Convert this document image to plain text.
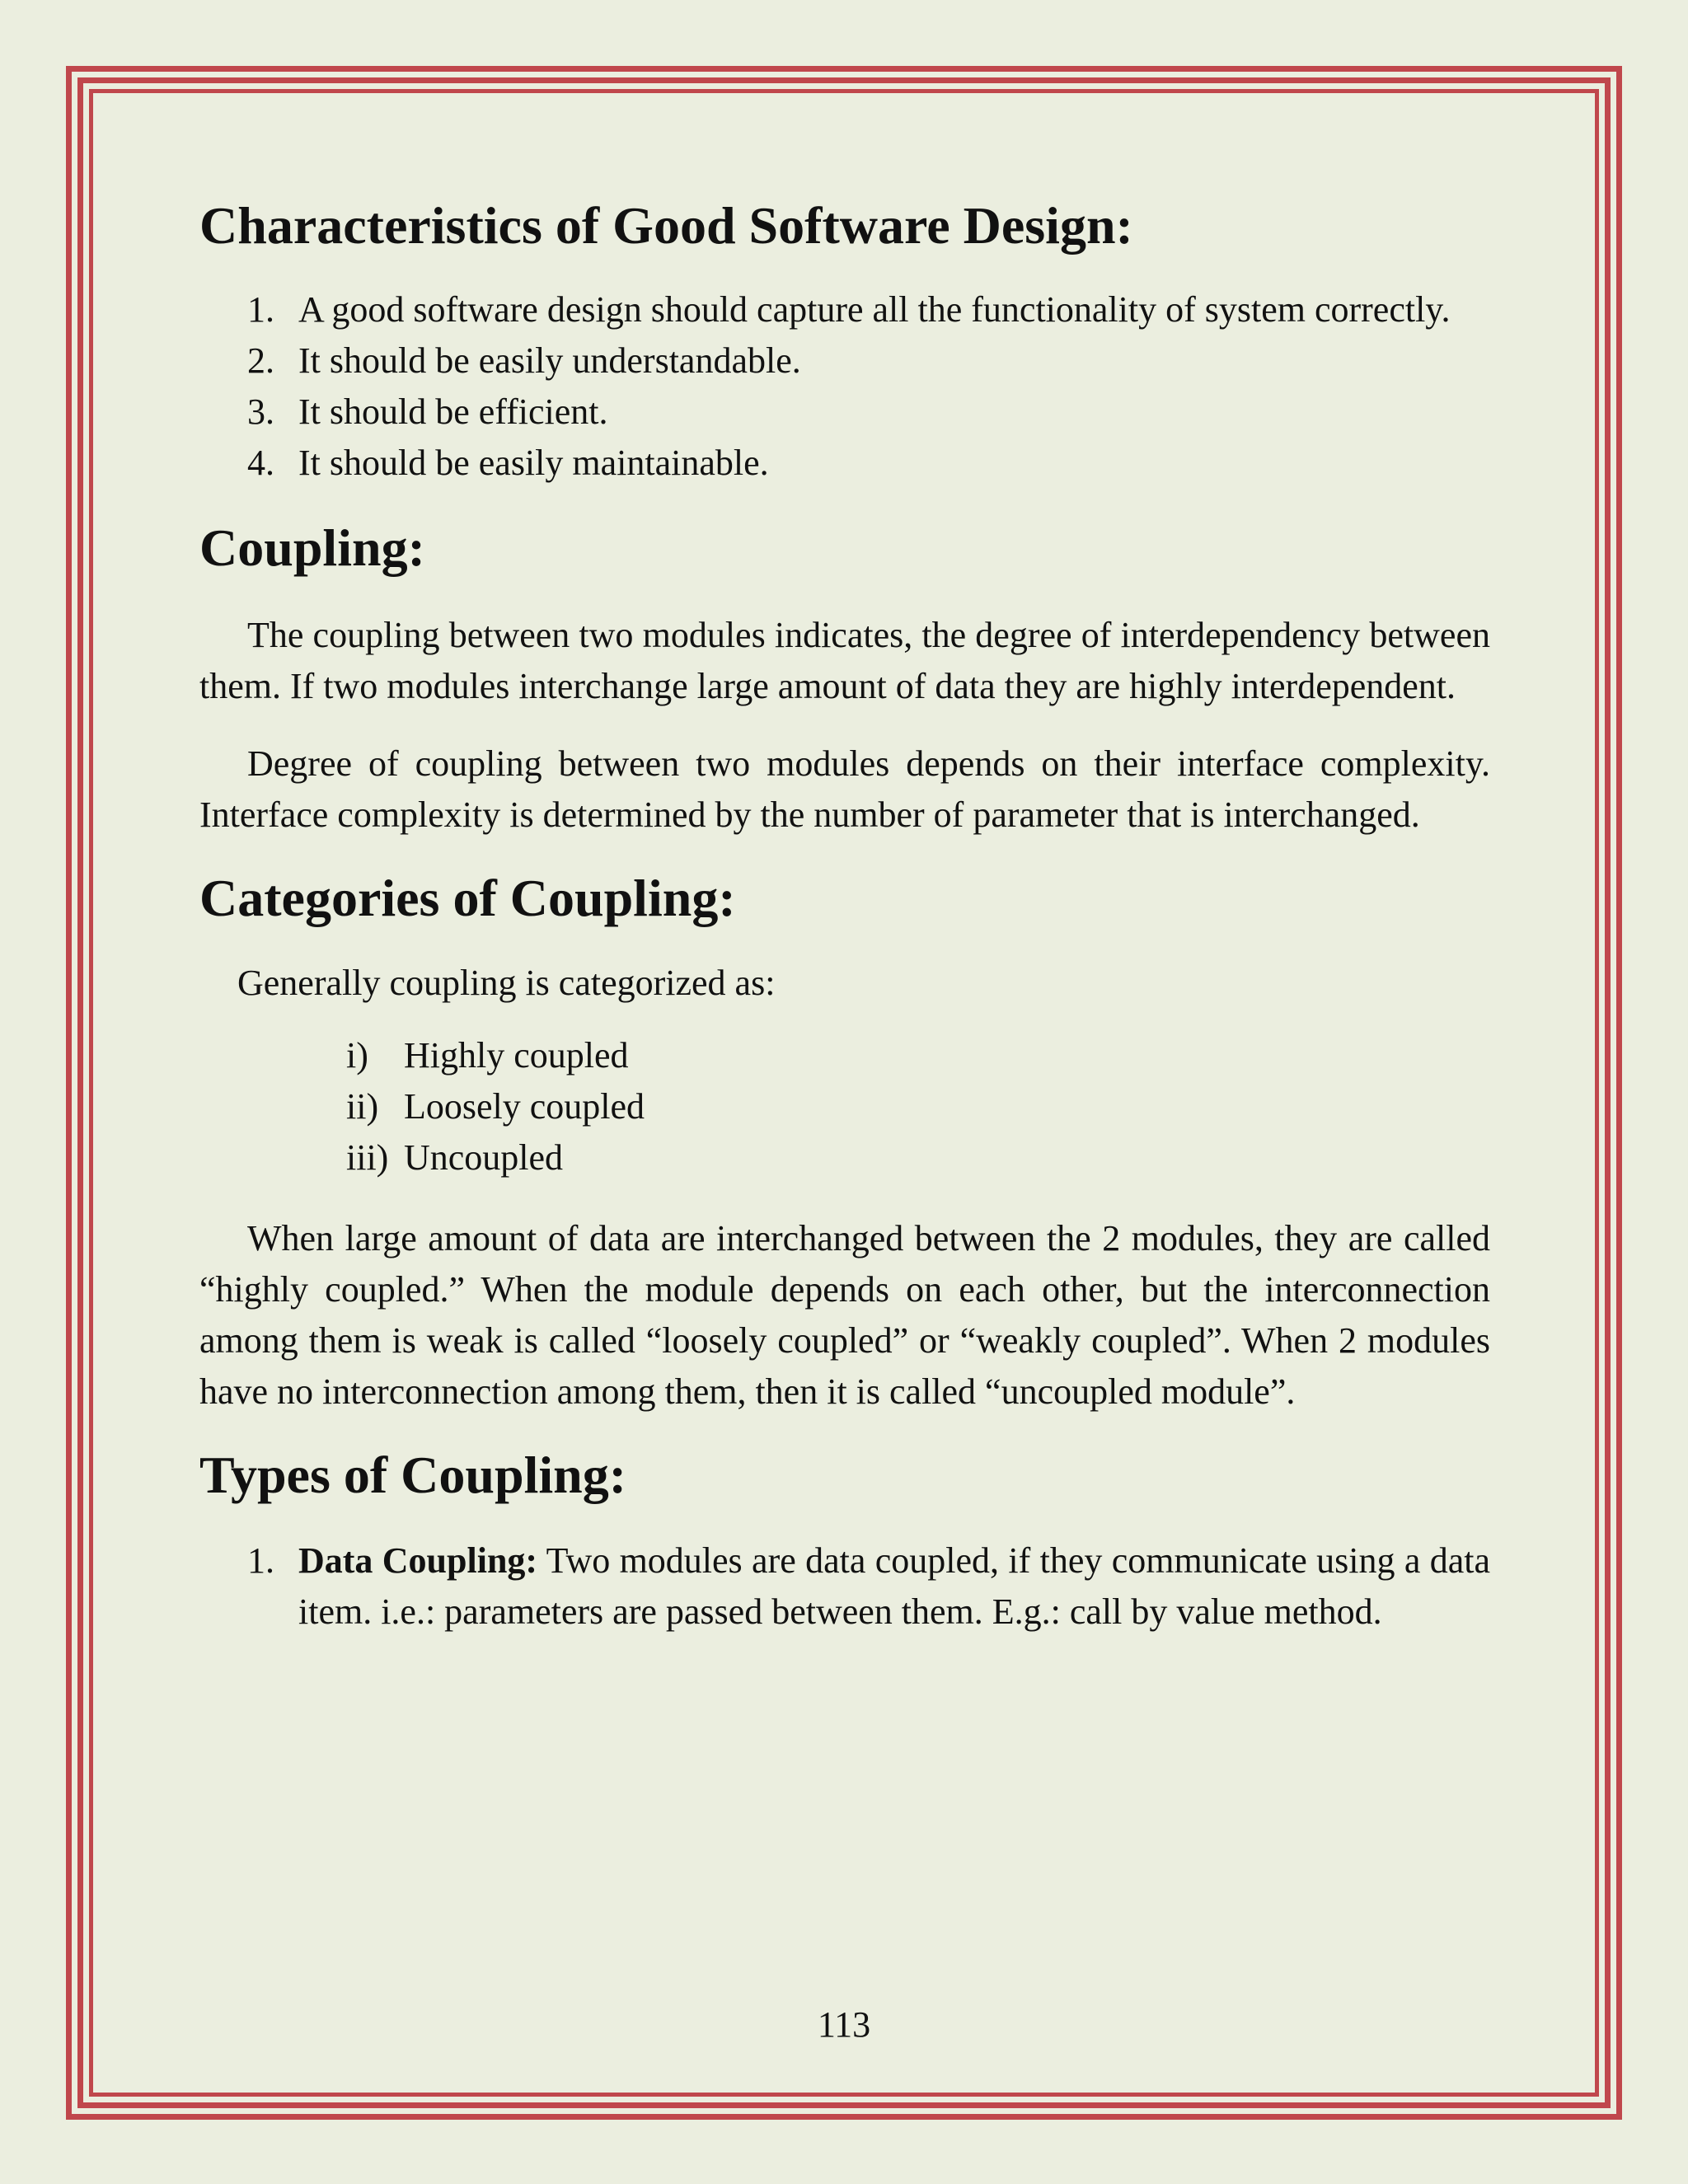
Characteristics of Good Software Design:
1. A good software design should capture all the functionality of system correctly.
2. It should be easily understandable.
3. It should be efficient.
4. It should be easily maintainable.
Coupling:

The coupling between two modules indicates, the degree of interdependency between them. If two modules interchange large amount of data they are highly interdependent.

Degree of coupling between two modules depends on their interface complexity. Interface complexity is determined by the number of parameter that is interchanged.

Categories of Coupling:

Generally coupling is categorized as:

i) Highly coupled
ii) Loosely coupled
iii) Uncoupled

When large amount of data are interchanged between the 2 modules, they are called “highly coupled.” When the module depends on each other, but the interconnection among them is weak is called “loosely coupled” or “weakly coupled”. When 2 modules have no interconnection among them, then it is called “uncoupled module”.

Types of Coupling:
1. Data Coupling: Two modules are data coupled, if they communicate using a data item. i.e.: parameters are passed between them. E.g.: call by value method.
113
